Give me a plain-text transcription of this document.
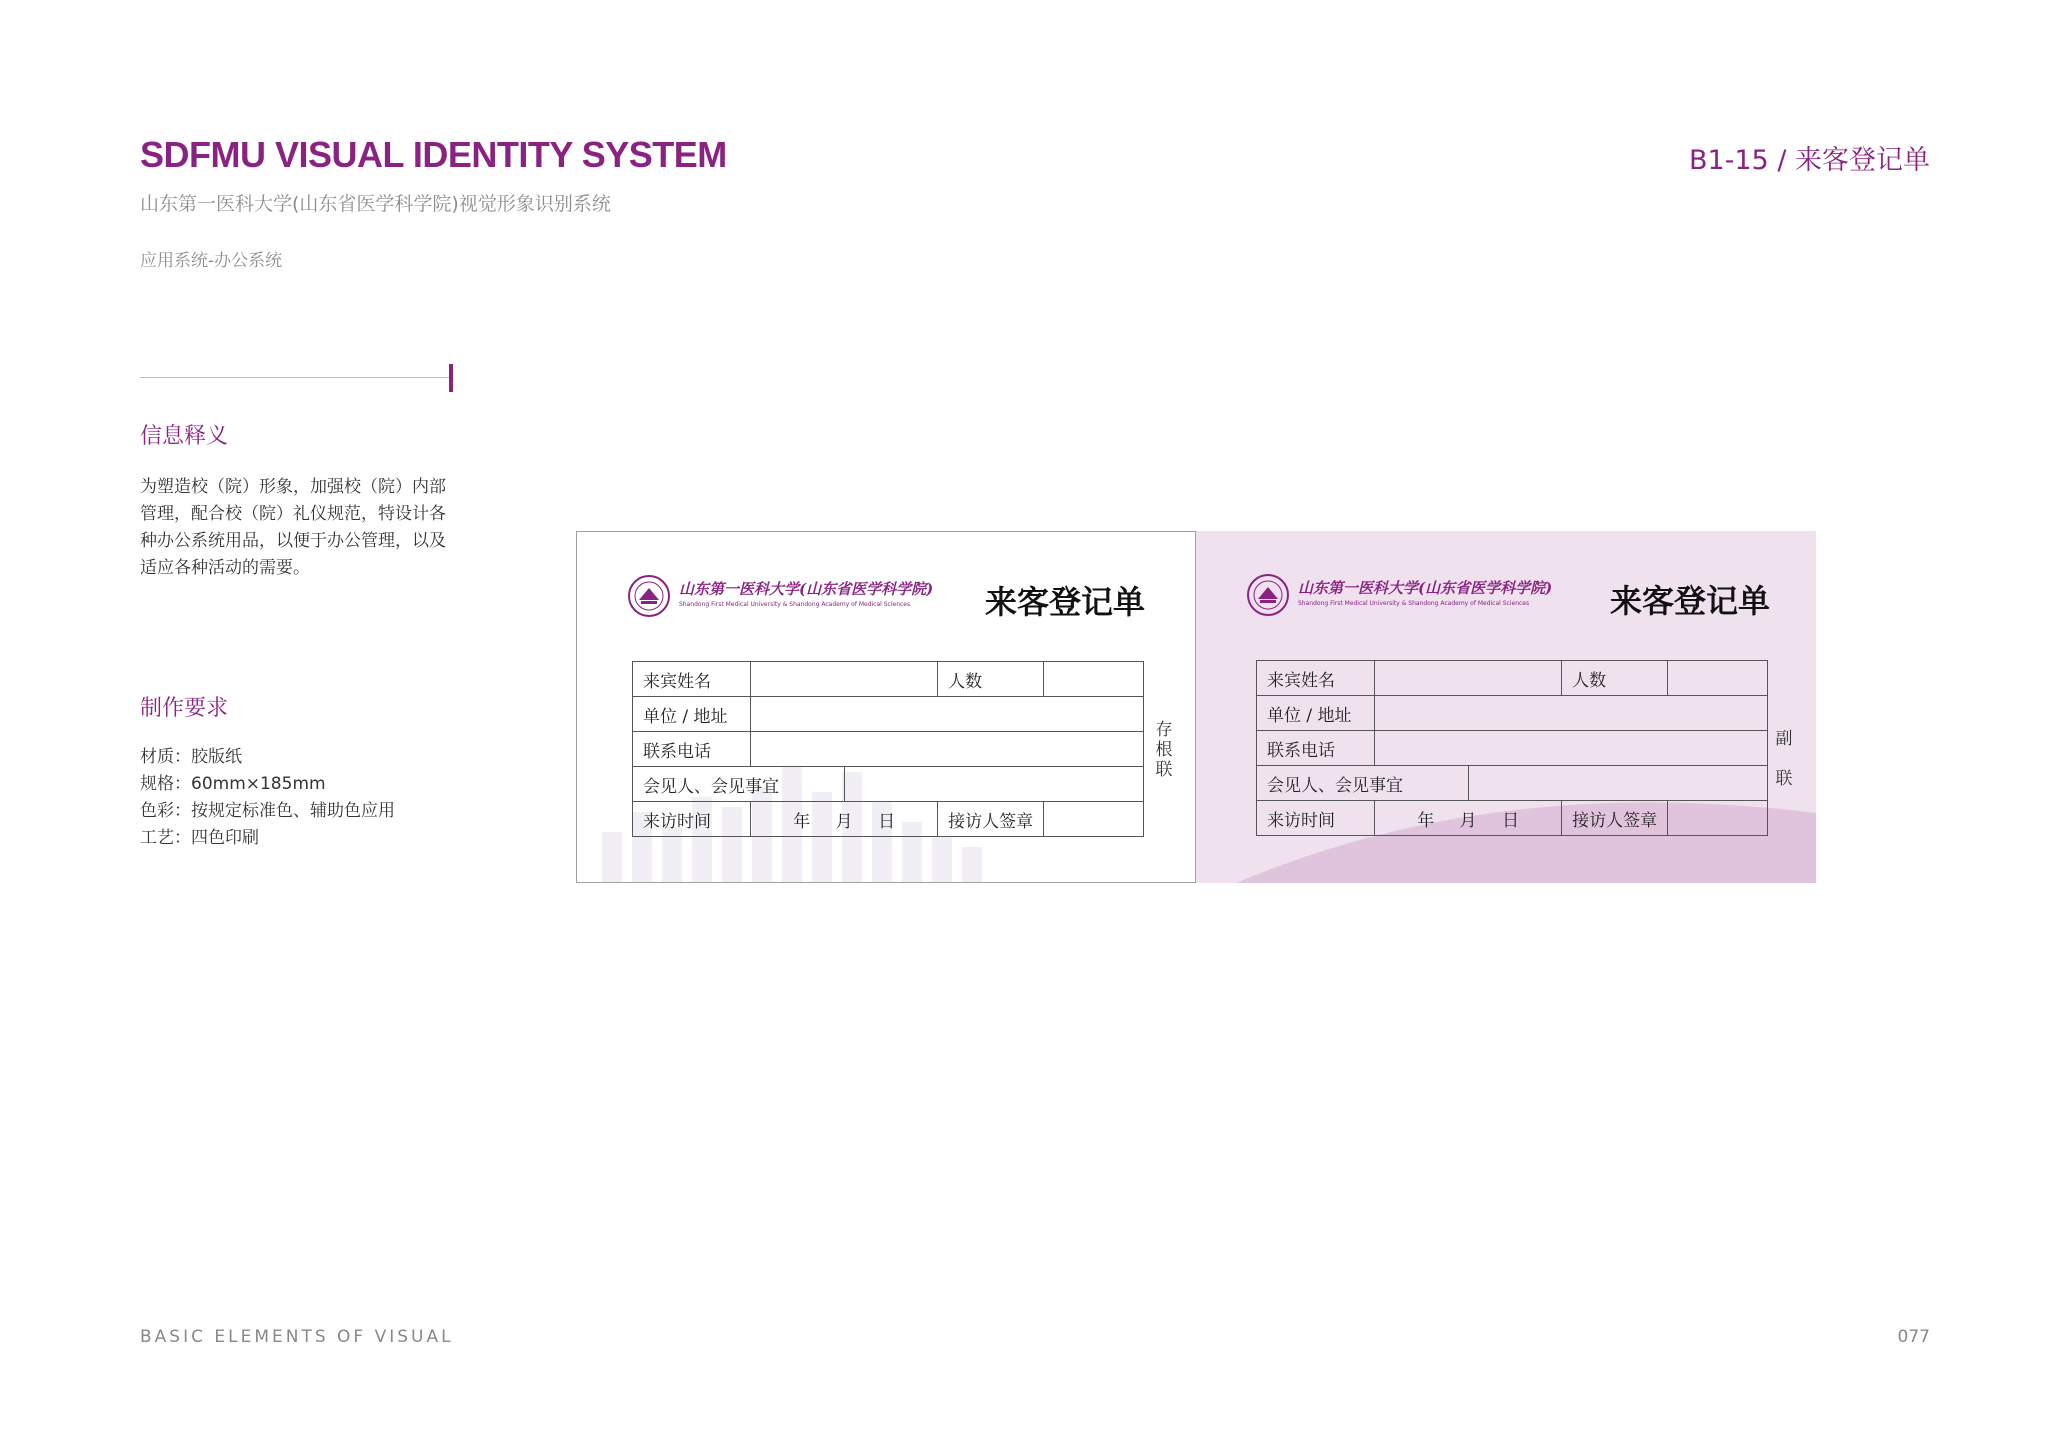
SDFMU VISUAL IDENTITY SYSTEM
山东第一医科大学(山东省医学科学院)视觉形象识别系统
应用系统-办公系统
B1-15 / 来客登记单
信息释义
为塑造校（院）形象，加强校（院）内部
管理，配合校（院）礼仪规范，特设计各
种办公系统用品，以便于办公管理，以及
适应各种活动的需要。
制作要求
材质：胶版纸
规格：60mm×185mm
色彩：按规定标准色、辅助色应用
工艺：四色印刷
山东第一医科大学(山东省医学科学院)
Shandong First Medical University & Shandong Academy of Medical Sciences 来客登记单
来宾姓名			人数	
单位 / 地址				
联系电话				
会见人、会见事宜				
来访时间	年 月 日		接访人签章	
存根联
山东第一医科大学(山东省医学科学院)
Shandong First Medical University & Shandong Academy of Medical Sciences	来客登记单
来宾姓名			人数	
单位 / 地址				
联系电话				
会见人、会见事宜				
来访时间	年 月 日		接访人签章	
副联
BASIC ELEMENTS OF VISUAL	077
